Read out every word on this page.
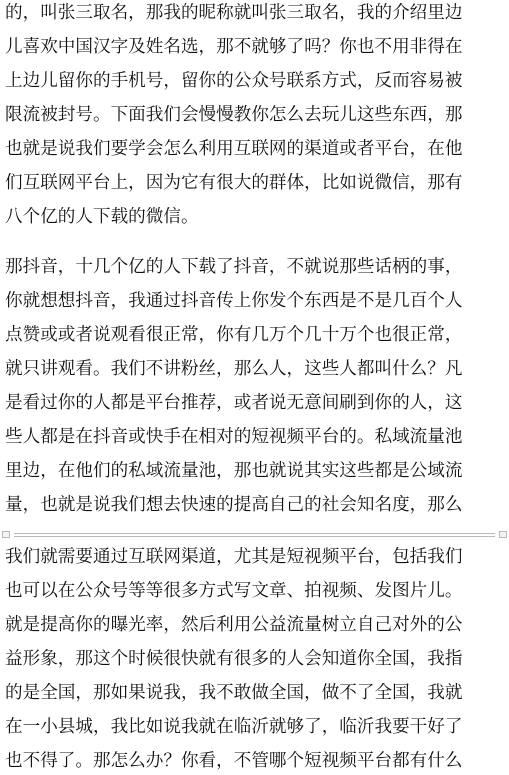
的，叫张三取名，那我的昵称就叫张三取名，我的介绍里边
儿喜欢中国汉字及姓名选，那不就够了吗？你也不用非得在
上边儿留你的手机号，留你的公众号联系方式，反而容易被
限流被封号。下面我们会慢慢教你怎么去玩儿这些东西，那
也就是说我们要学会怎么利用互联网的渠道或者平台，在他
们互联网平台上，因为它有很大的群体，比如说微信，那有
八个亿的人下载的微信。
那抖音，十几个亿的人下载了抖音，不就说那些话柄的事，
你就想想抖音，我通过抖音传上你发个东西是不是几百个人
点赞或或者说观看很正常，你有几万个几十万个也很正常，
就只讲观看。我们不讲粉丝，那么人，这些人都叫什么？凡
是看过你的人都是平台推荐，或者说无意间刷到你的人，这
些人都是在抖音或快手在相对的短视频平台的。私域流量池
里边，在他们的私域流量池，那也就说其实这些都是公域流
量，也就是说我们想去快速的提高自己的社会知名度，那么
我们就需要通过互联网渠道，尤其是短视频平台，包括我们
也可以在公众号等等很多方式写文章、拍视频、发图片儿。
就是提高你的曝光率，然后利用公益流量树立自己对外的公
益形象，那这个时候很快就有很多的人会知道你全国，我指
的是全国，那如果说我，我不敢做全国，做不了全国，我就
在一小县城，我比如说我就在临沂就够了，临沂我要干好了
也不得了。那怎么办？你看，不管哪个短视频平台都有什么
